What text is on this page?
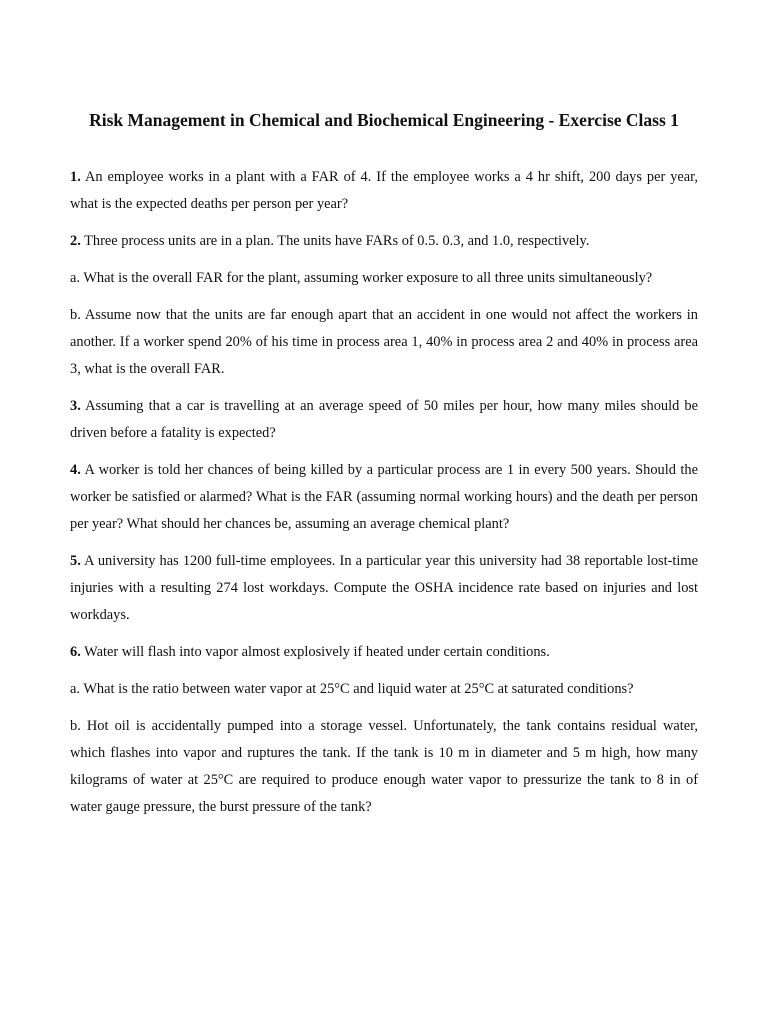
Risk Management in Chemical and Biochemical Engineering - Exercise Class 1

1. An employee works in a plant with a FAR of 4. If the employee works a 4 hr shift, 200 days per year, what is the expected deaths per person per year?

2. Three process units are in a plan. The units have FARs of 0.5. 0.3, and 1.0, respectively.

a. What is the overall FAR for the plant, assuming worker exposure to all three units simultaneously?

b. Assume now that the units are far enough apart that an accident in one would not affect the workers in another. If a worker spend 20% of his time in process area 1, 40% in process area 2 and 40% in process area 3, what is the overall FAR.

3. Assuming that a car is travelling at an average speed of 50 miles per hour, how many miles should be driven before a fatality is expected?

4. A worker is told her chances of being killed by a particular process are 1 in every 500 years. Should the worker be satisfied or alarmed? What is the FAR (assuming normal working hours) and the death per person per year? What should her chances be, assuming an average chemical plant?

5. A university has 1200 full-time employees. In a particular year this university had 38 reportable lost-time injuries with a resulting 274 lost workdays. Compute the OSHA incidence rate based on injuries and lost workdays.

6. Water will flash into vapor almost explosively if heated under certain conditions.

a. What is the ratio between water vapor at 25°C and liquid water at 25°C at saturated conditions?

b. Hot oil is accidentally pumped into a storage vessel. Unfortunately, the tank contains residual water, which flashes into vapor and ruptures the tank. If the tank is 10 m in diameter and 5 m high, how many kilograms of water at 25°C are required to produce enough water vapor to pressurize the tank to 8 in of water gauge pressure, the burst pressure of the tank?
